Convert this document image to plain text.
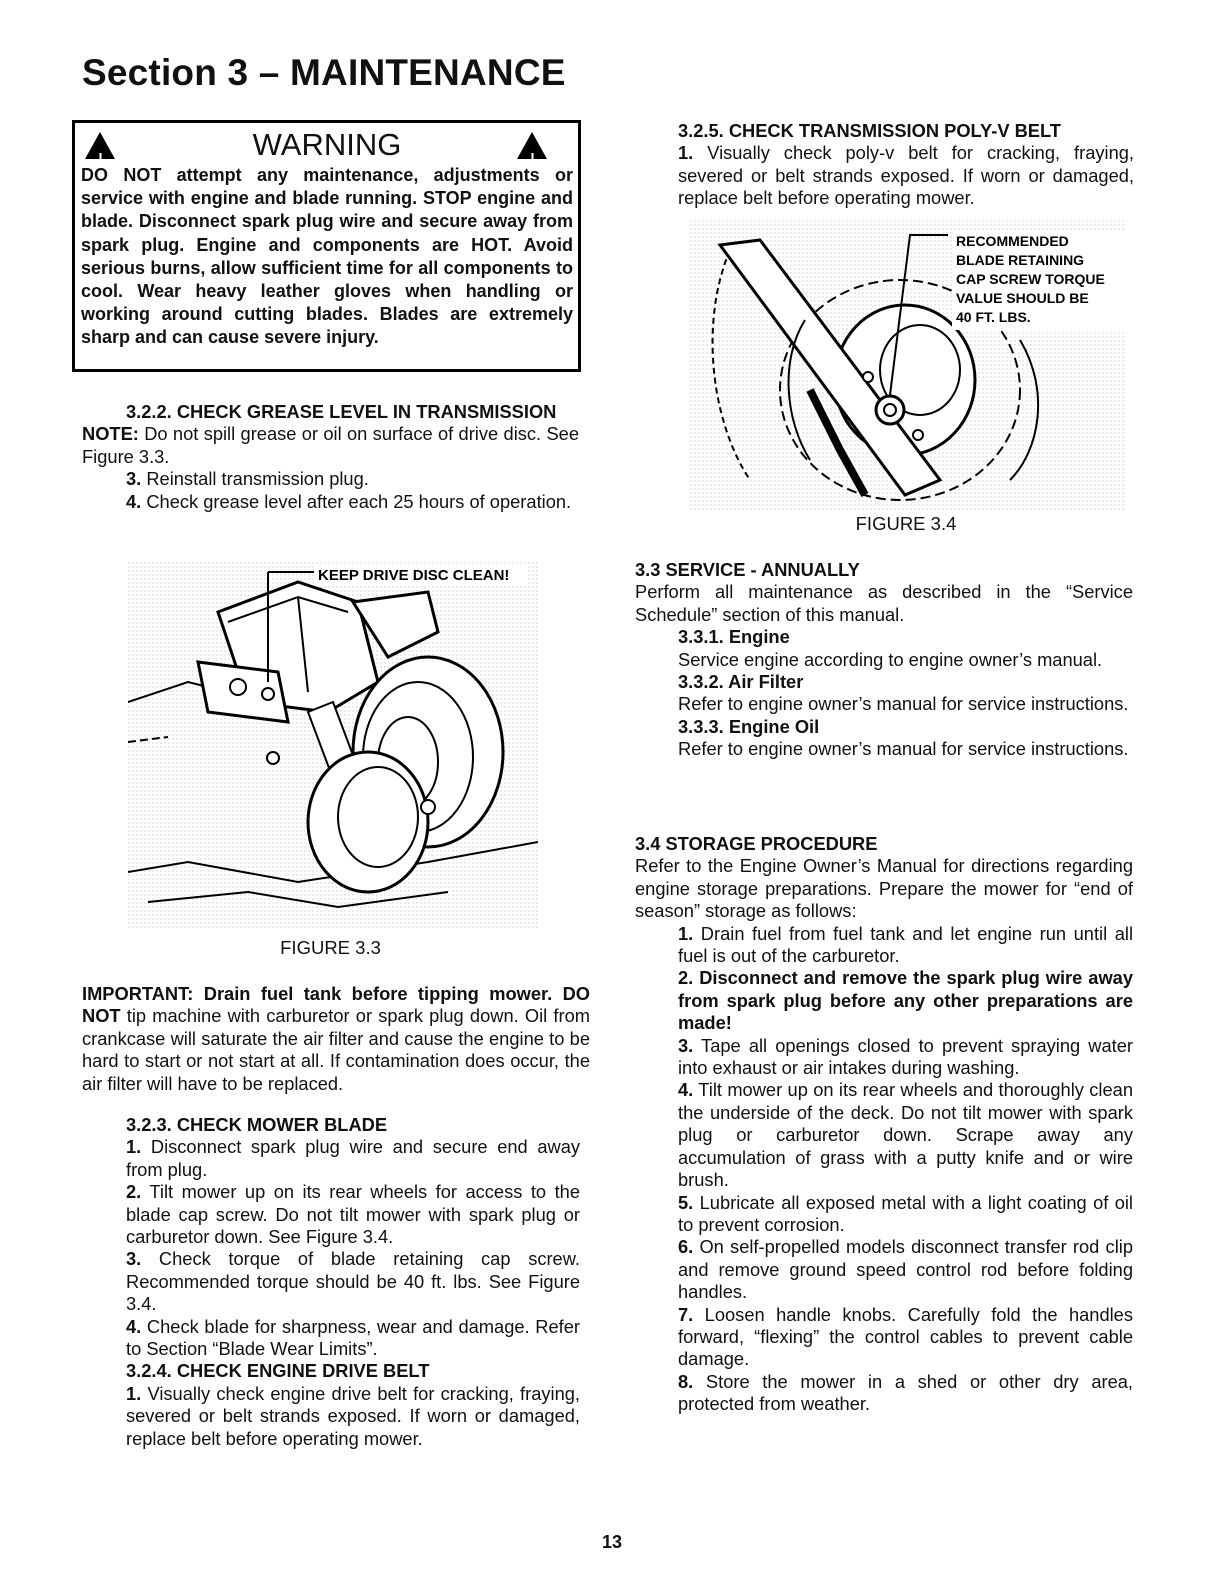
Section 3 – MAINTENANCE
!	WARNING	!
DO NOT attempt any maintenance, adjustments or service with engine and blade running. STOP engine and blade. Disconnect spark plug wire and secure away from spark plug. Engine and components are HOT. Avoid serious burns, allow sufficient time for all components to cool. Wear heavy leather gloves when handling or working around cutting blades. Blades are extremely sharp and can cause severe injury.

3.2.2. CHECK GREASE LEVEL IN TRANSMISSION

NOTE: Do not spill grease or oil on surface of drive disc. See Figure 3.3.

3. Reinstall transmission plug.

4. Check grease level after each 25 hours of operation.

KEEP DRIVE DISC CLEAN!
FIGURE 3.3
IMPORTANT: Drain fuel tank before tipping mower. DO NOT tip machine with carburetor or spark plug down. Oil from crankcase will saturate the air filter and cause the engine to be hard to start or not start at all. If contamination does occur, the air filter will have to be replaced.

3.2.3. CHECK MOWER BLADE

1. Disconnect spark plug wire and secure end away from plug.

2. Tilt mower up on its rear wheels for access to the blade cap screw. Do not tilt mower with spark plug or carburetor down. See Figure 3.4.

3. Check torque of blade retaining cap screw. Recommended torque should be 40 ft. lbs. See Figure 3.4.

4. Check blade for sharpness, wear and damage. Refer to Section “Blade Wear Limits”.

3.2.4. CHECK ENGINE DRIVE BELT

1. Visually check engine drive belt for cracking, fraying, severed or belt strands exposed. If worn or damaged, replace belt before operating mower.

3.2.5. CHECK TRANSMISSION POLY-V BELT

1. Visually check poly-v belt for cracking, fraying, severed or belt strands exposed. If worn or damaged, replace belt before operating mower.

RECOMMENDED BLADE RETAINING CAP SCREW TORQUE VALUE SHOULD BE 40 FT. LBS.
FIGURE 3.4

3.3 SERVICE - ANNUALLY

Perform all maintenance as described in the “Service Schedule” section of this manual.

3.3.1. Engine

Service engine according to engine owner’s manual.

3.3.2. Air Filter

Refer to engine owner’s manual for service instructions.

3.3.3. Engine Oil

Refer to engine owner’s manual for service instructions.

3.4 STORAGE PROCEDURE

Refer to the Engine Owner’s Manual for directions regarding engine storage preparations. Prepare the mower for “end of season” storage as follows:

1. Drain fuel from fuel tank and let engine run until all fuel is out of the carburetor.

2. Disconnect and remove the spark plug wire away from spark plug before any other preparations are made!

3. Tape all openings closed to prevent spraying water into exhaust or air intakes during washing.

4. Tilt mower up on its rear wheels and thoroughly clean the underside of the deck. Do not tilt mower with spark plug or carburetor down. Scrape away any accumulation of grass with a putty knife and or wire brush.

5. Lubricate all exposed metal with a light coating of oil to prevent corrosion.

6. On self-propelled models disconnect transfer rod clip and remove ground speed control rod before folding handles.

7. Loosen handle knobs. Carefully fold the handles forward, “flexing” the control cables to prevent cable damage.

8. Store the mower in a shed or other dry area, protected from weather.

13
